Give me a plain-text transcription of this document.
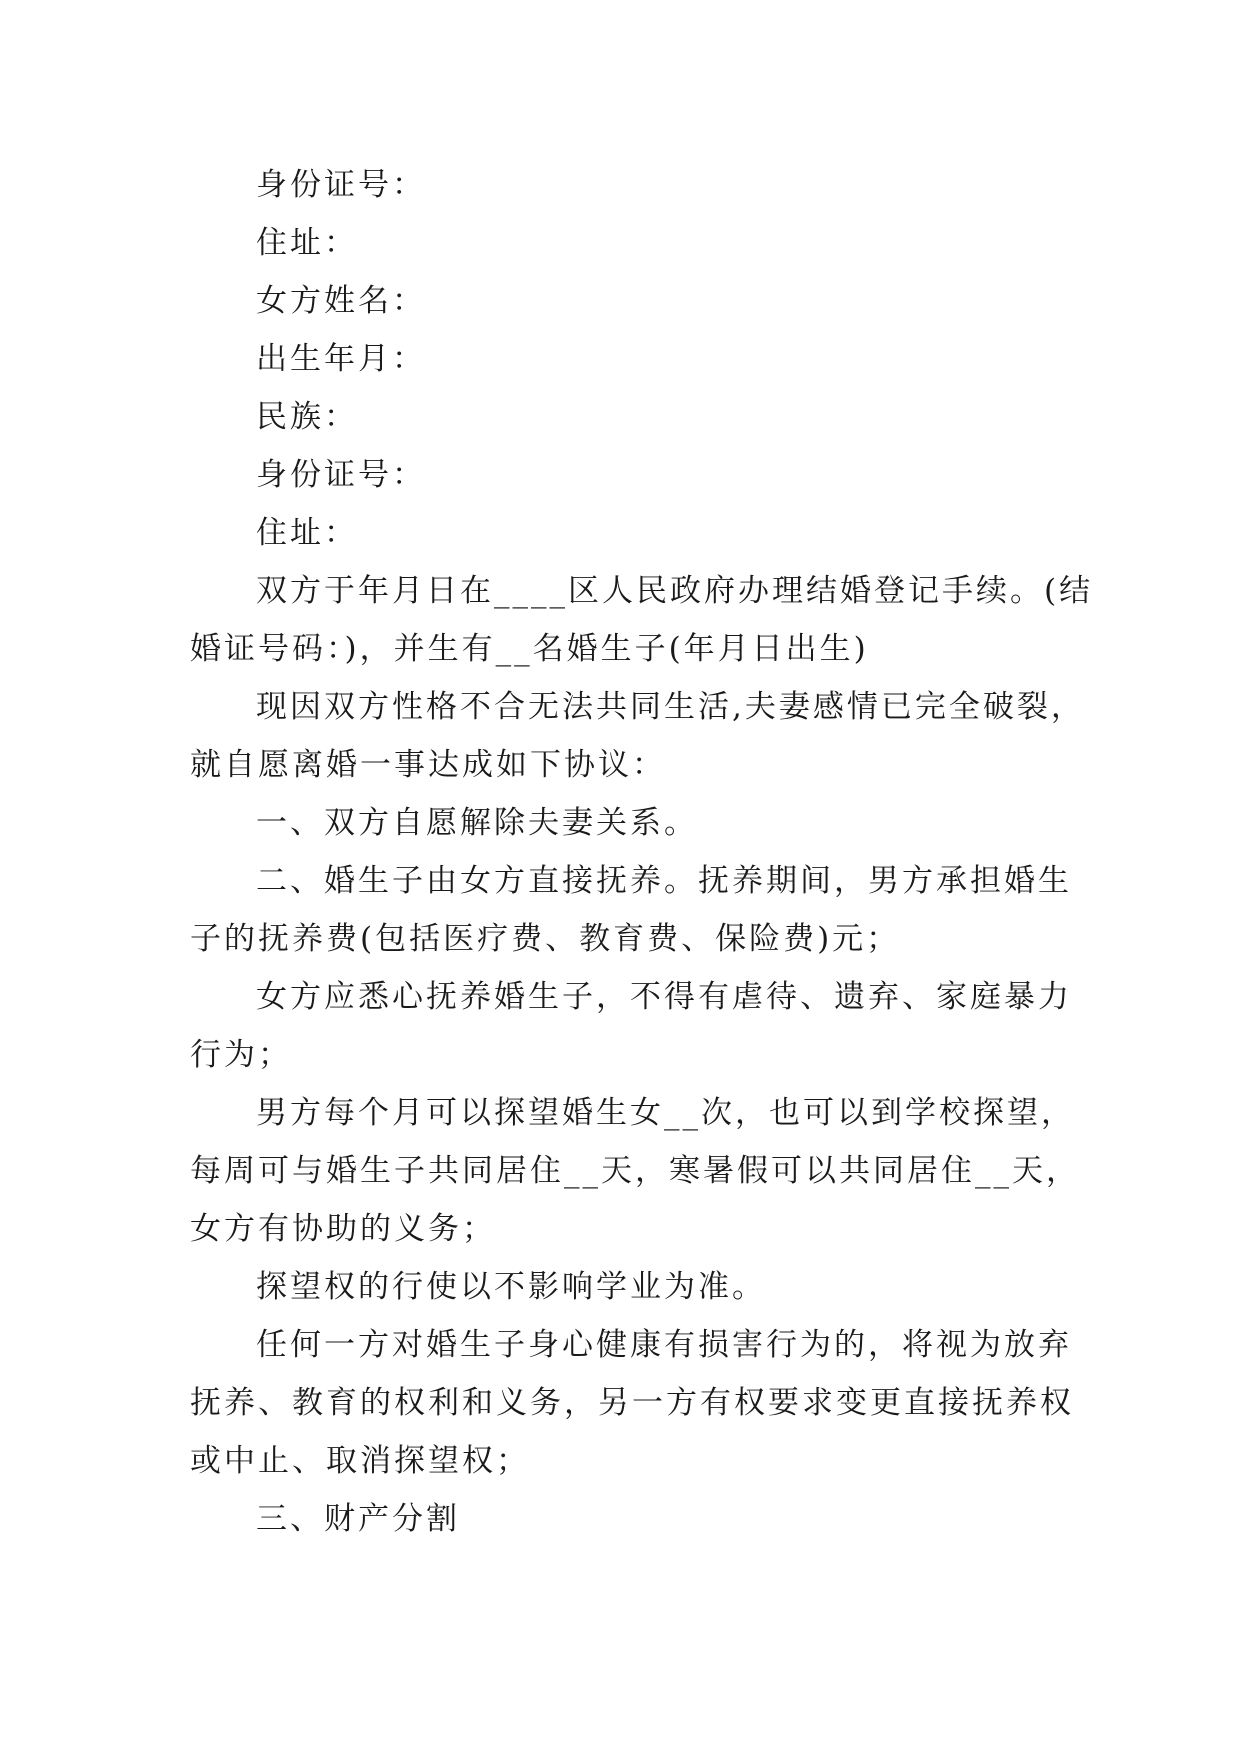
身份证号：
住址：
女方姓名：
出生年月：
民族：
身份证号：
住址：
双方于年月日在____区人民政府办理结婚登记手续。(结
婚证号码：)，并生有__名婚生子(年月日出生)
现因双方性格不合无法共同生活,夫妻感情已完全破裂，
就自愿离婚一事达成如下协议：
一、双方自愿解除夫妻关系。
二、婚生子由女方直接抚养。抚养期间，男方承担婚生
子的抚养费(包括医疗费、教育费、保险费)元；
女方应悉心抚养婚生子，不得有虐待、遗弃、家庭暴力
行为；
男方每个月可以探望婚生女__次，也可以到学校探望，
每周可与婚生子共同居住__天，寒暑假可以共同居住__天，
女方有协助的义务；
探望权的行使以不影响学业为准。
任何一方对婚生子身心健康有损害行为的，将视为放弃
抚养、教育的权利和义务，另一方有权要求变更直接抚养权
或中止、取消探望权；
三、财产分割
